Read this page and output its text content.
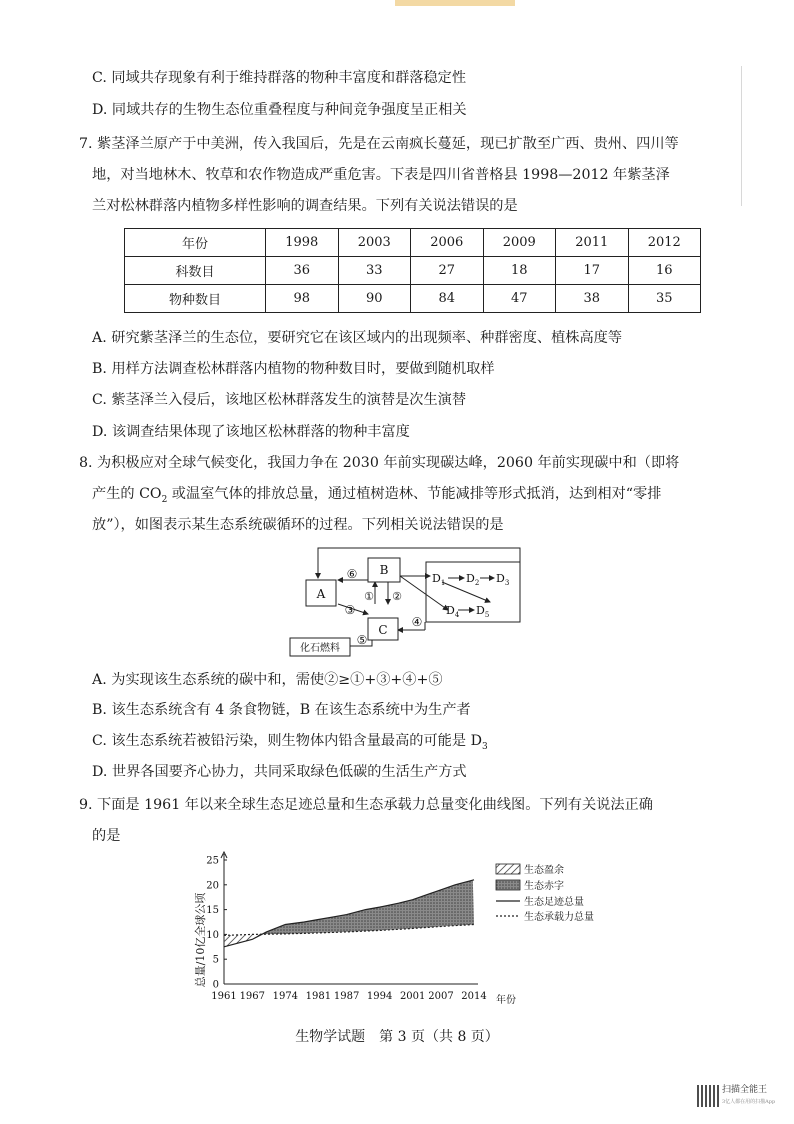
C. 同域共存现象有利于维持群落的物种丰富度和群落稳定性
D. 同域共存的生物生态位重叠程度与种间竞争强度呈正相关
7. 紫茎泽兰原产于中美洲，传入我国后，先是在云南疯长蔓延，现已扩散至广西、贵州、四川等
地，对当地林木、牧草和农作物造成严重危害。下表是四川省普格县 1998—2012 年紫茎泽
兰对松林群落内植物多样性影响的调查结果。下列有关说法错误的是
年份	1998	2003	2006	2009	2011	2012
科数目	36	33	27	18	17	16
物种数目	98	90	84	47	38	35
A. 研究紫茎泽兰的生态位，要研究它在该区域内的出现频率、种群密度、植株高度等
B. 用样方法调查松林群落内植物的物种数目时，要做到随机取样
C. 紫茎泽兰入侵后，该地区松林群落发生的演替是次生演替
D. 该调查结果体现了该地区松林群落的物种丰富度
8. 为积极应对全球气候变化，我国力争在 2030 年前实现碳达峰，2060 年前实现碳中和（即将
产生的 $CO_2$ 或温室气体的排放总量，通过植树造林、节能减排等形式抵消，达到相对“零排
放”），如图表示某生态系统碳循环的过程。下列相关说法错误的是
A
B
C
化石燃料
⑥
③
① ②
④
⑤
$D_1$ $D_2$ $D_3$
$D_4$ $D_5$
A. 为实现该生态系统的碳中和，需使②≥①+③+④+⑤
B. 该生态系统含有 4 条食物链，B 在该生态系统中为生产者
C. 该生态系统若被铅污染，则生物体内铅含量最高的可能是 $D_3$
D. 世界各国要齐心协力，共同采取绿色低碳的生活生产方式
9. 下面是 1961 年以来全球生态足迹总量和生态承载力总量变化曲线图。下列有关说法正确
的是
0
5
10
15
20
25
1961 1967 1974 1981 1987 1994 2001 2007 2014
总量/10亿全球公顷
年份
生态盈余
生态赤字
生态足迹总量
生态承载力总量
生物学试题　第 3 页（共 8 页）
扫描全能王
3亿人都在用的扫描App
